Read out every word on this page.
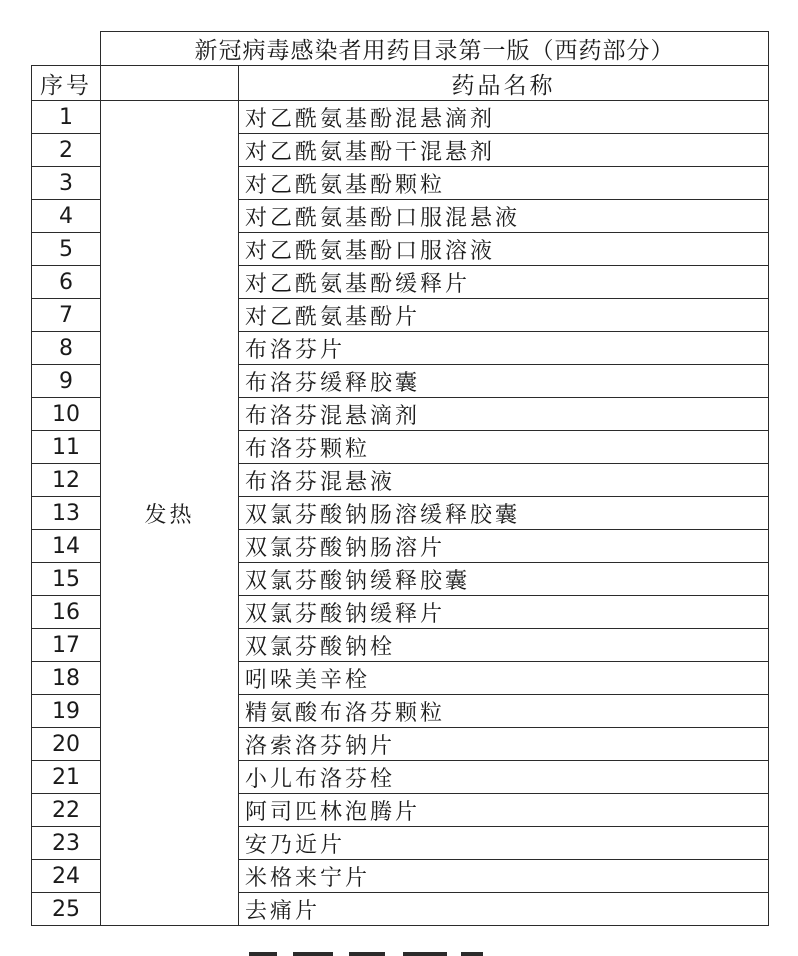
	新冠病毒感染者用药目录第一版（西药部分）	
序号		药品名称
1	发热	对乙酰氨基酚混悬滴剂
2		对乙酰氨基酚干混悬剂
3		对乙酰氨基酚颗粒
4		对乙酰氨基酚口服混悬液
5		对乙酰氨基酚口服溶液
6		对乙酰氨基酚缓释片
7		对乙酰氨基酚片
8		布洛芬片
9		布洛芬缓释胶囊
10		布洛芬混悬滴剂
11		布洛芬颗粒
12		布洛芬混悬液
13		双氯芬酸钠肠溶缓释胶囊
14		双氯芬酸钠肠溶片
15		双氯芬酸钠缓释胶囊
16		双氯芬酸钠缓释片
17		双氯芬酸钠栓
18		吲哚美辛栓
19		精氨酸布洛芬颗粒
20		洛索洛芬钠片
21		小儿布洛芬栓
22		阿司匹林泡腾片
23		安乃近片
24		米格来宁片
25		去痛片
